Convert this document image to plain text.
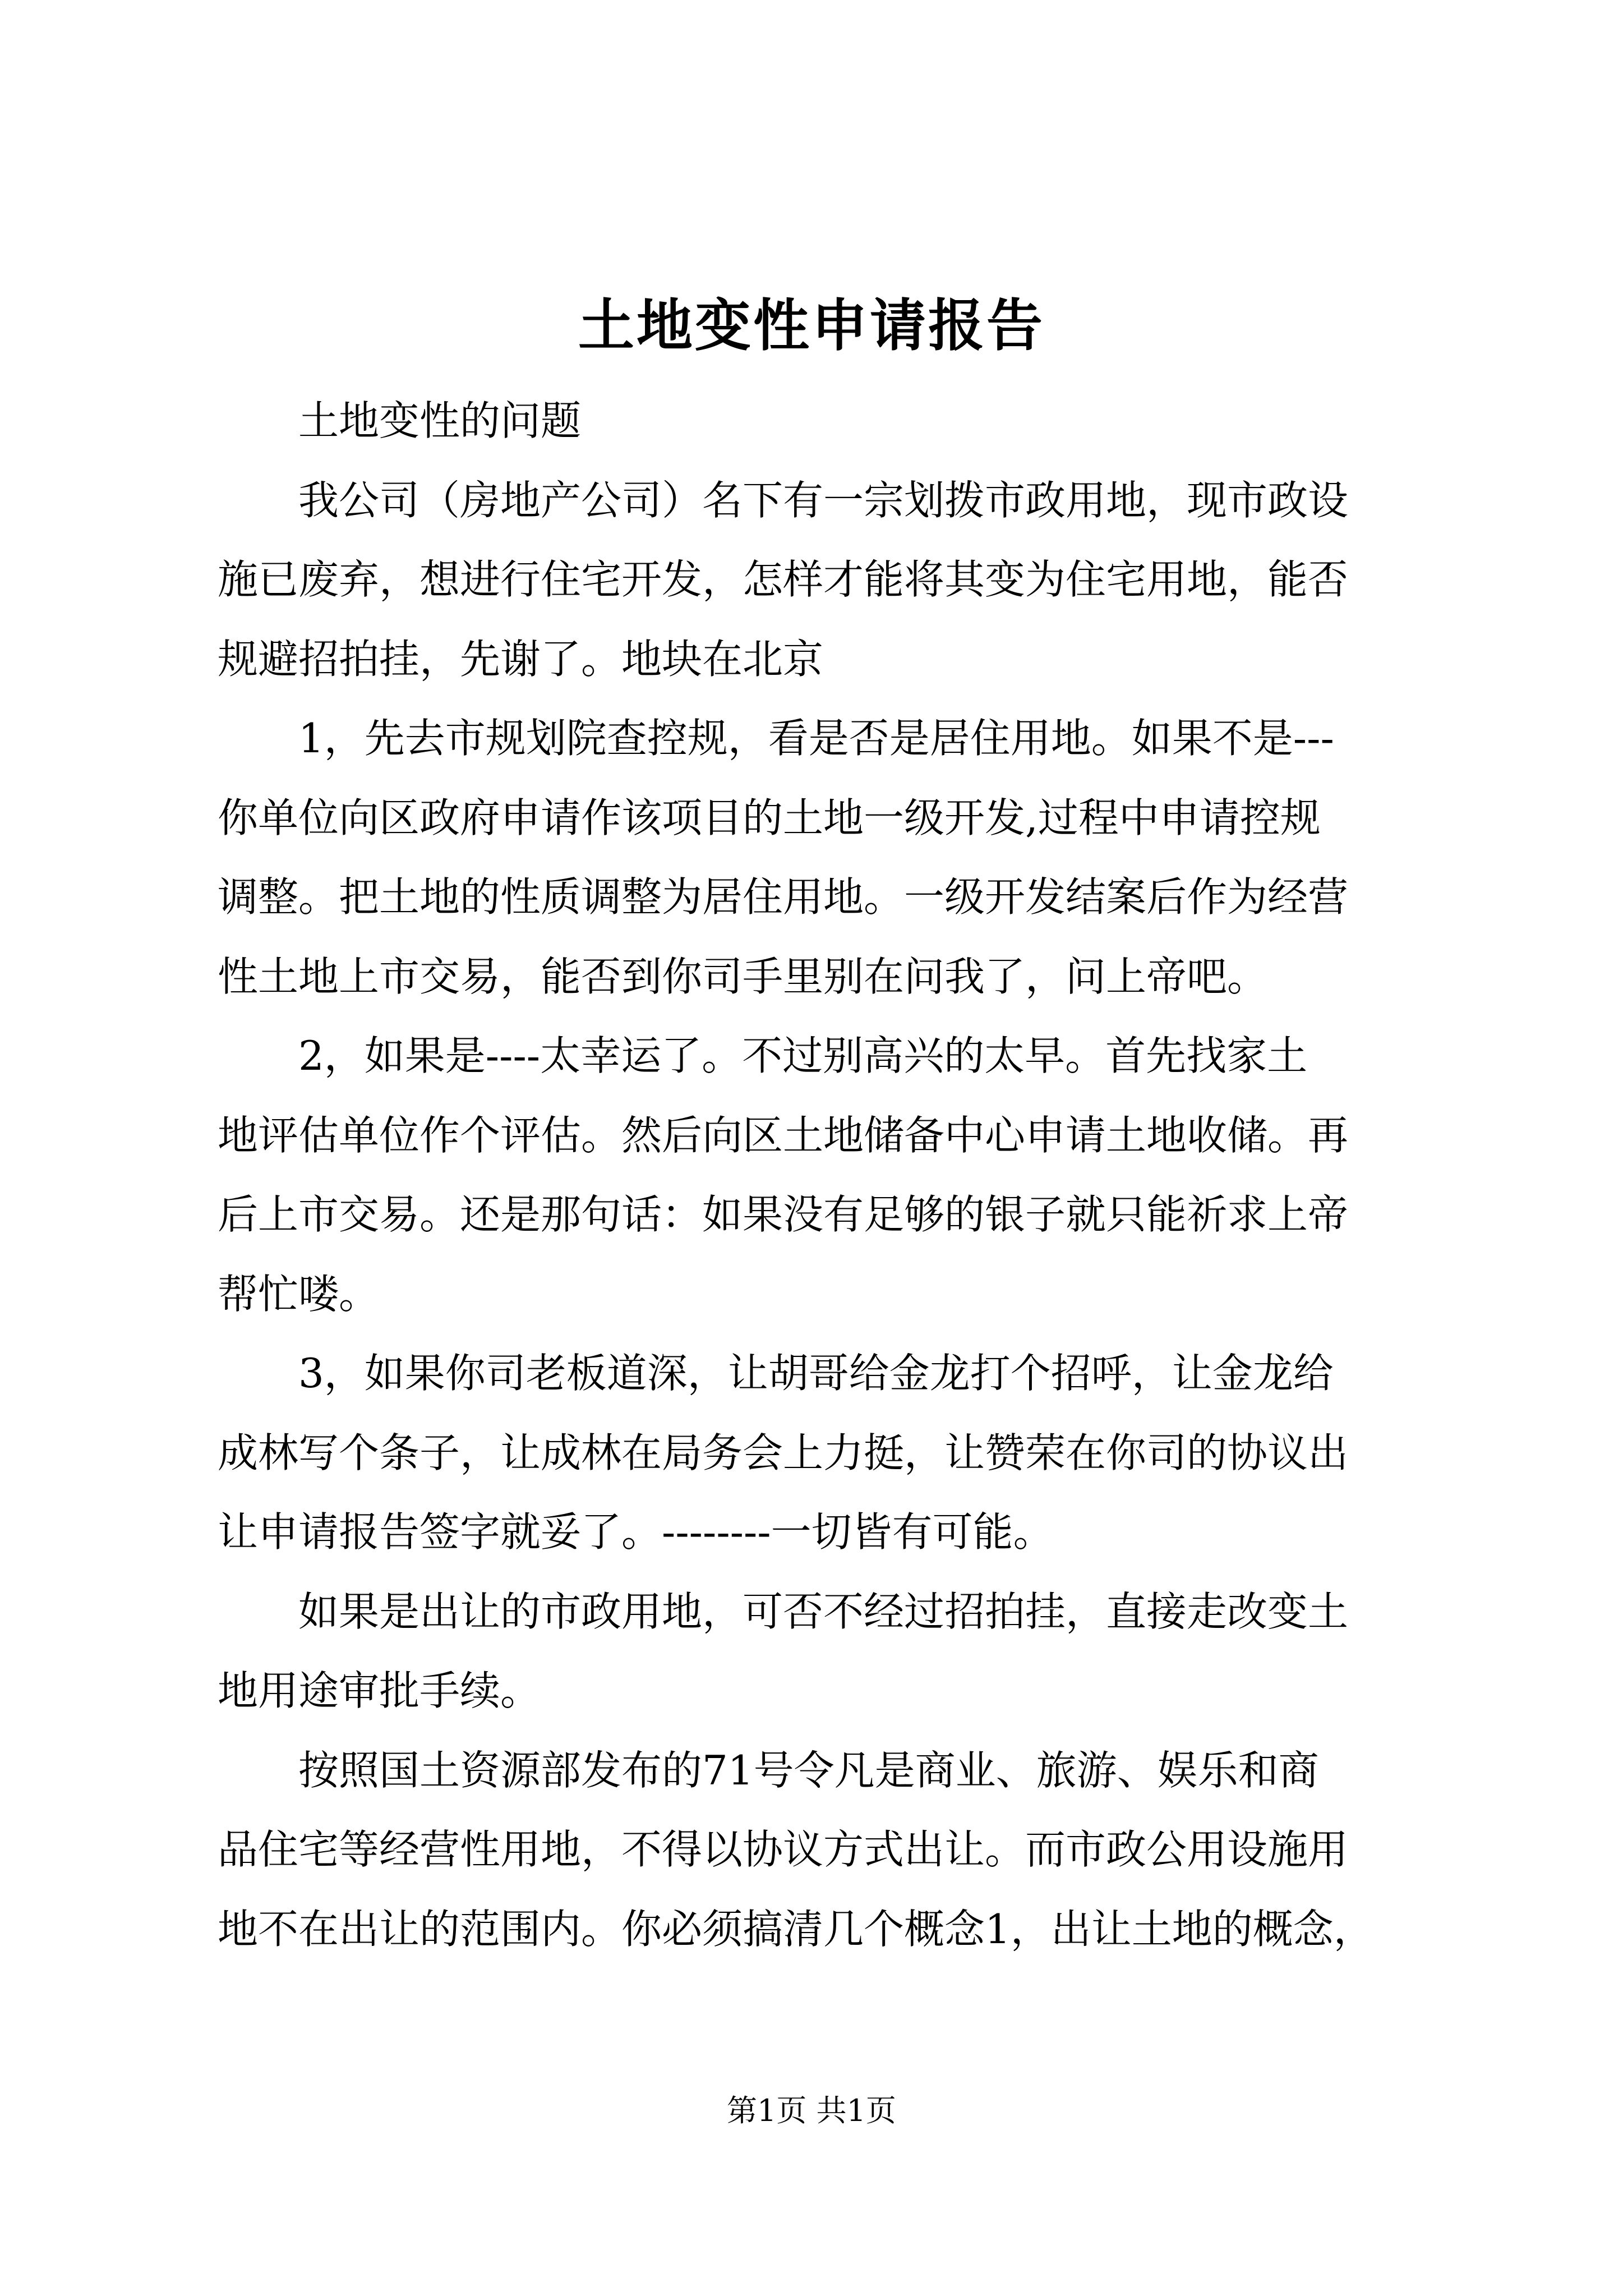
土地变性申请报告
　　土地变性的问题
　　我公司（房地产公司）名下有一宗划拨市政用地，现市政设
施已废弃，想进行住宅开发，怎样才能将其变为住宅用地，能否
规避招拍挂，先谢了。地块在北京
　　1，先去市规划院查控规，看是否是居住用地。如果不是---
你单位向区政府申请作该项目的土地一级开发,过程中申请控规
调整。把土地的性质调整为居住用地。一级开发结案后作为经营
性土地上市交易，能否到你司手里别在问我了，问上帝吧。
　　2，如果是----太幸运了。不过别高兴的太早。首先找家土
地评估单位作个评估。然后向区土地储备中心申请土地收储。再
后上市交易。还是那句话：如果没有足够的银子就只能祈求上帝
帮忙喽。
　　3，如果你司老板道深，让胡哥给金龙打个招呼，让金龙给
成林写个条子，让成林在局务会上力挺，让赞荣在你司的协议出
让申请报告签字就妥了。--------一切皆有可能。
　　如果是出让的市政用地，可否不经过招拍挂，直接走改变土
地用途审批手续。
　　按照国土资源部发布的71号令凡是商业、旅游、娱乐和商
品住宅等经营性用地，不得以协议方式出让。而市政公用设施用
地不在出让的范围内。你必须搞清几个概念1，出让土地的概念，
第1页 共1页
